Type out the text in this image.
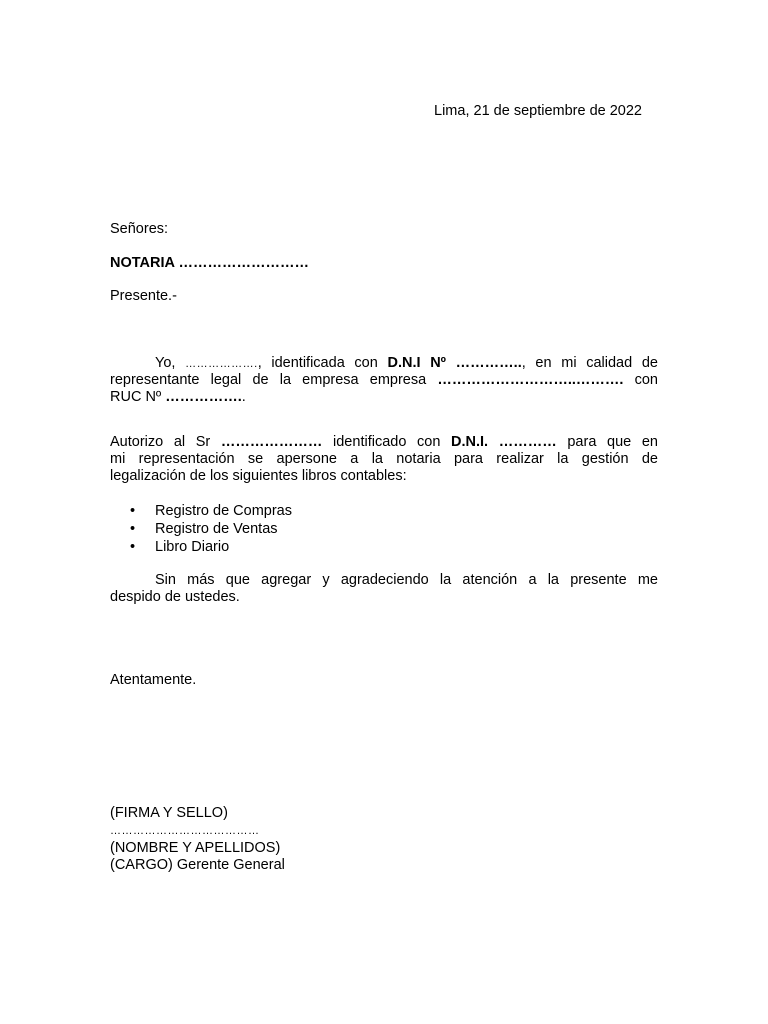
Lima, 21 de septiembre de 2022
Señores:
NOTARIA ………………………
Presente.-
Yo, ………………., identificada con D.N.I Nº ………….., en mi calidad de
representante legal de la empresa empresa ………………………..………. con
RUC Nº ……………..
Autorizo al Sr ………………… identificado con D.N.I. ………… para que en
mi representación se apersone a la notaria para realizar la gestión de
legalización de los siguientes libros contables:
• Registro de Compras
• Registro de Ventas
• Libro Diario
Sin más que agregar y agradeciendo la atención a la presente me
despido de ustedes.
Atentamente.
(FIRMA Y SELLO)
…………………………………
(NOMBRE Y APELLIDOS)
(CARGO) Gerente General
